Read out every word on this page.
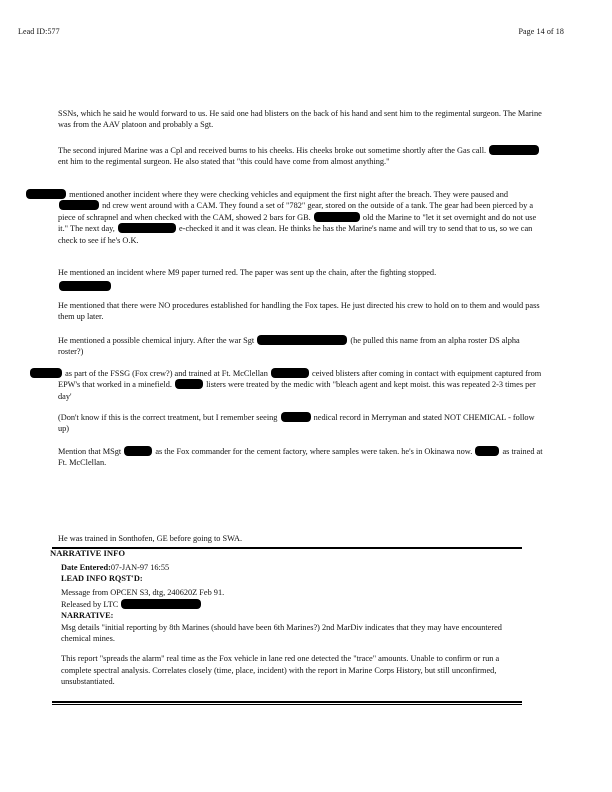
Lead ID:577	Page 14 of 18

SSNs, which he said he would forward to us. He said one had blisters on the back of his hand and sent him to the regimental surgeon. The Marine was from the AAV platoon and probably a Sgt.

The second injured Marine was a Cpl and received burns to his cheeks. His cheeks broke out sometime shortly after the Gas call.  ent him to the regimental surgeon. He also stated that "this could have come from almost anything."

mentioned another incident where they were checking vehicles and equipment the first night after the breach. They were paused and  nd crew went around with a CAM. They found a set of "782" gear, stored on the outside of a tank. The gear had been pierced by a piece of schrapnel and when checked with the CAM, showed 2 bars for GB.	old the Marine to "let it set overnight and do not use it." The next day,	e-checked it and it was clean. He thinks he has the Marine's name and will try to send that to us, so we can check to see if he's O.K.

He mentioned an incident where M9 paper turned red. The paper was sent up the chain, after the fighting stopped.

He mentioned that there were NO procedures established for handling the Fox tapes. He just directed his crew to hold on to them and would pass them up later.

He mentioned a possible chemical injury. After the war Sgt	(he pulled this name from an alpha roster DS alpha roster?)

as part of the FSSG (Fox crew?) and trained at Ft. McClellan	ceived blisters after coming in contact with equipment captured from EPW's that worked in a minefield.	listers were treated by the medic with "bleach agent and kept moist. this was repeated 2-3 times per day'

(Don't know if this is the correct treatment, but I remember seeing	nedical record in Merryman and stated NOT CHEMICAL - follow up)

Mention that MSgt	as the Fox commander for the cement factory, where samples were taken. he's in Okinawa now.	as trained at Ft. McClellan.

He was trained in Sonthofen, GE before going to SWA.

NARRATIVE INFO
Date Entered:07-JAN-97 16:55
LEAD INFO RQST'D:
Message from OPCEN S3, dtg, 240620Z Feb 91.
Released by LTC
NARRATIVE:
Msg details "initial reporting by 8th Marines (should have been 6th Marines?) 2nd MarDiv indicates that they may have encountered chemical mines.
This report "spreads the alarm" real time as the Fox vehicle in lane red one detected the "trace" amounts. Unable to confirm or run a complete spectral analysis. Correlates closely (time, place, incident) with the report in Marine Corps History, but still unconfirmed, unsubstantiated.
